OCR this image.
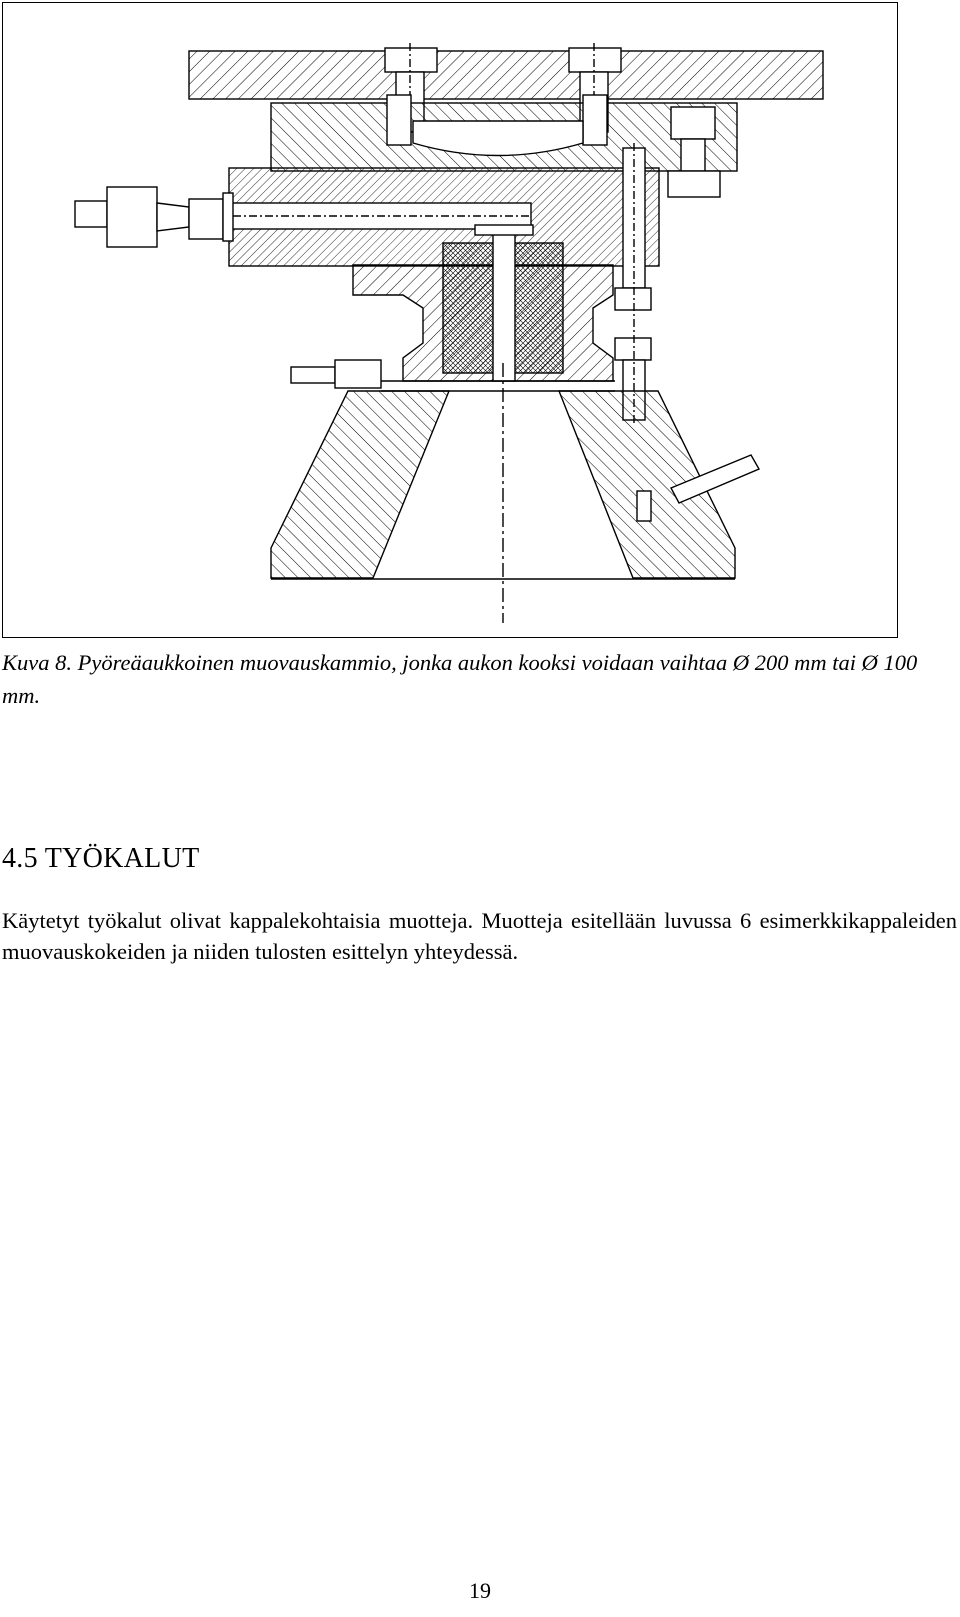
Kuva 8. Pyöreäaukkoinen muovauskammio, jonka aukon kooksi voidaan vaihtaa Ø 200 mm tai Ø 100 mm.

4.5 TYÖKALUT

Käytetyt työkalut olivat kappalekohtaisia muotteja. Muotteja esitellään luvussa 6 esimerkkikappaleiden muovauskokeiden ja niiden tulosten esittelyn yhteydessä.

19
